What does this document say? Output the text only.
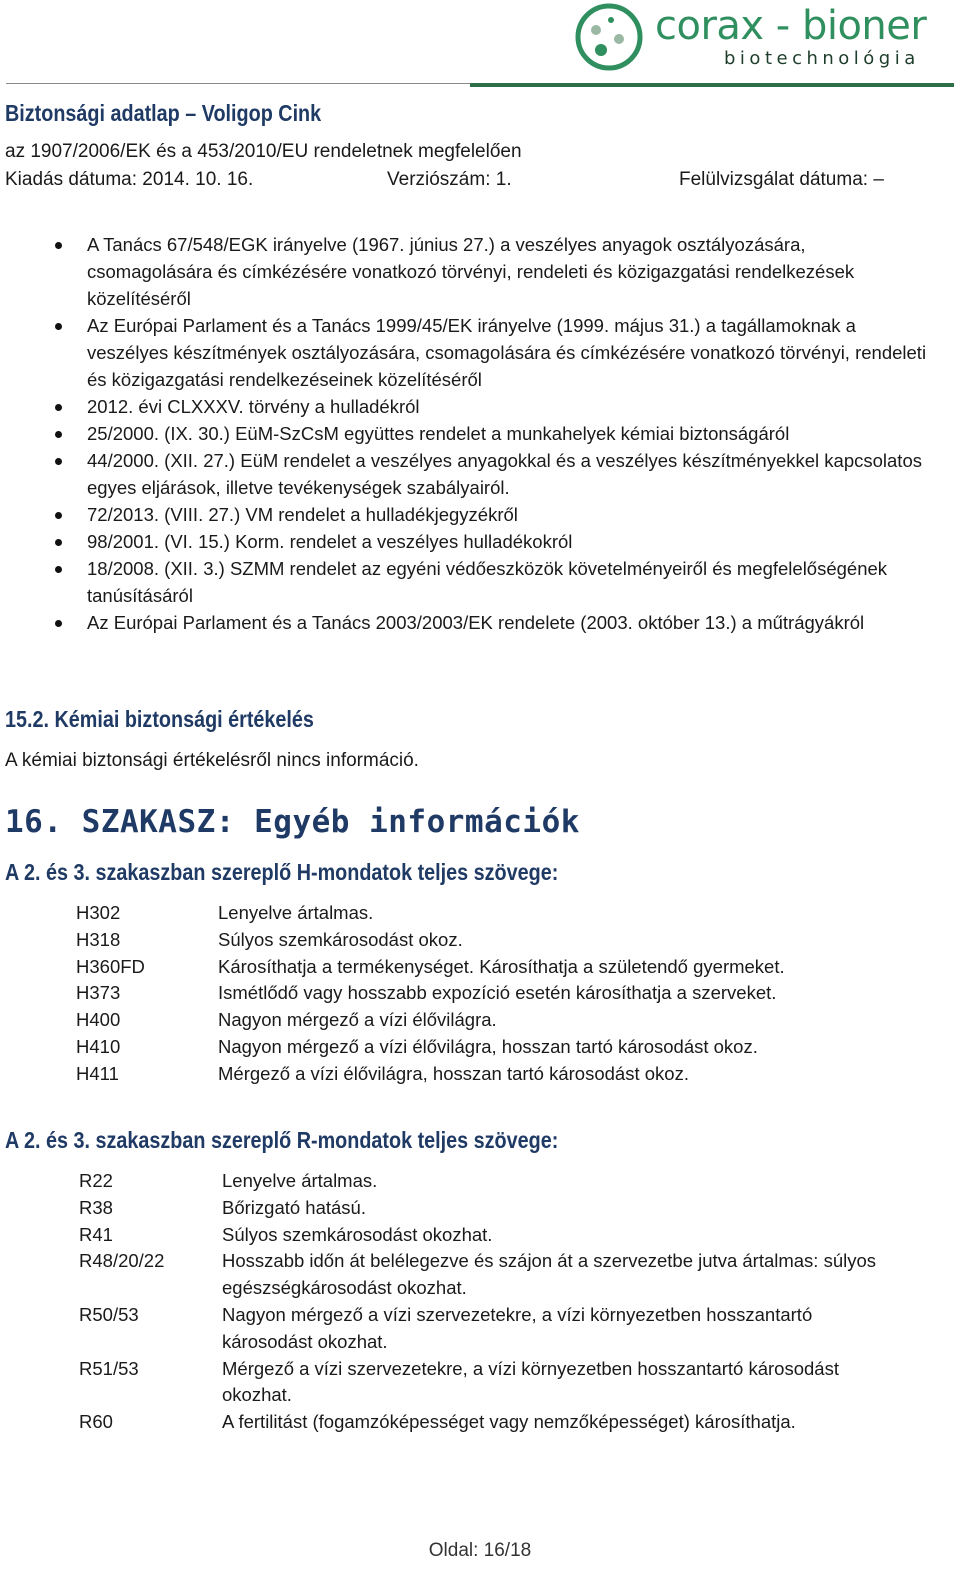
corax - bioner
biotechnológia
Biztonsági adatlap – Voligop Cink
az 1907/2006/EK és a 453/2010/EU rendeletnek megfelelően
Kiadás dátuma: 2014. 10. 16.	Verziószám: 1.	Felülvizsgálat dátuma: –
A Tanács 67/548/EGK irányelve (1967. június 27.) a veszélyes anyagok osztályozására, csomagolására és címkézésére vonatkozó törvényi, rendeleti és közigazgatási rendelkezések közelítéséről
Az Európai Parlament és a Tanács 1999/45/EK irányelve (1999. május 31.) a tagállamoknak a veszélyes készítmények osztályozására, csomagolására és címkézésére vonatkozó törvényi, rendeleti és közigazgatási rendelkezéseinek közelítéséről
2012. évi CLXXXV. törvény a hulladékról
25/2000. (IX. 30.) EüM-SzCsM együttes rendelet a munkahelyek kémiai biztonságáról
44/2000. (XII. 27.) EüM rendelet a veszélyes anyagokkal és a veszélyes készítményekkel kapcsolatos egyes eljárások, illetve tevékenységek szabályairól.
72/2013. (VIII. 27.) VM rendelet a hulladékjegyzékről
98/2001. (VI. 15.) Korm. rendelet a veszélyes hulladékokról
18/2008. (XII. 3.) SZMM rendelet az egyéni védőeszközök követelményeiről és megfelelőségének tanúsításáról
Az Európai Parlament és a Tanács 2003/2003/EK rendelete (2003. október 13.) a műtrágyákról
15.2. Kémiai biztonsági értékelés
A kémiai biztonsági értékelésről nincs információ.
16. SZAKASZ: Egyéb információk
A 2. és 3. szakaszban szereplő H-mondatok teljes szövege:
H302	Lenyelve ártalmas.
H318	Súlyos szemkárosodást okoz.
H360FD	Károsíthatja a termékenységet. Károsíthatja a születendő gyermeket.
H373	Ismétlődő vagy hosszabb expozíció esetén károsíthatja a szerveket.
H400	Nagyon mérgező a vízi élővilágra.
H410	Nagyon mérgező a vízi élővilágra, hosszan tartó károsodást okoz.
H411	Mérgező a vízi élővilágra, hosszan tartó károsodást okoz.
A 2. és 3. szakaszban szereplő R-mondatok teljes szövege:
R22	Lenyelve ártalmas.
R38	Bőrizgató hatású.
R41	Súlyos szemkárosodást okozhat.
R48/20/22	Hosszabb időn át belélegezve és szájon át a szervezetbe jutva ártalmas: súlyos egészségkárosodást okozhat.
R50/53	Nagyon mérgező a vízi szervezetekre, a vízi környezetben hosszantartó károsodást okozhat.
R51/53	Mérgező a vízi szervezetekre, a vízi környezetben hosszantartó károsodást okozhat.
R60	A fertilitást (fogamzóképességet vagy nemzőképességet) károsíthatja.
Oldal: 16/18
